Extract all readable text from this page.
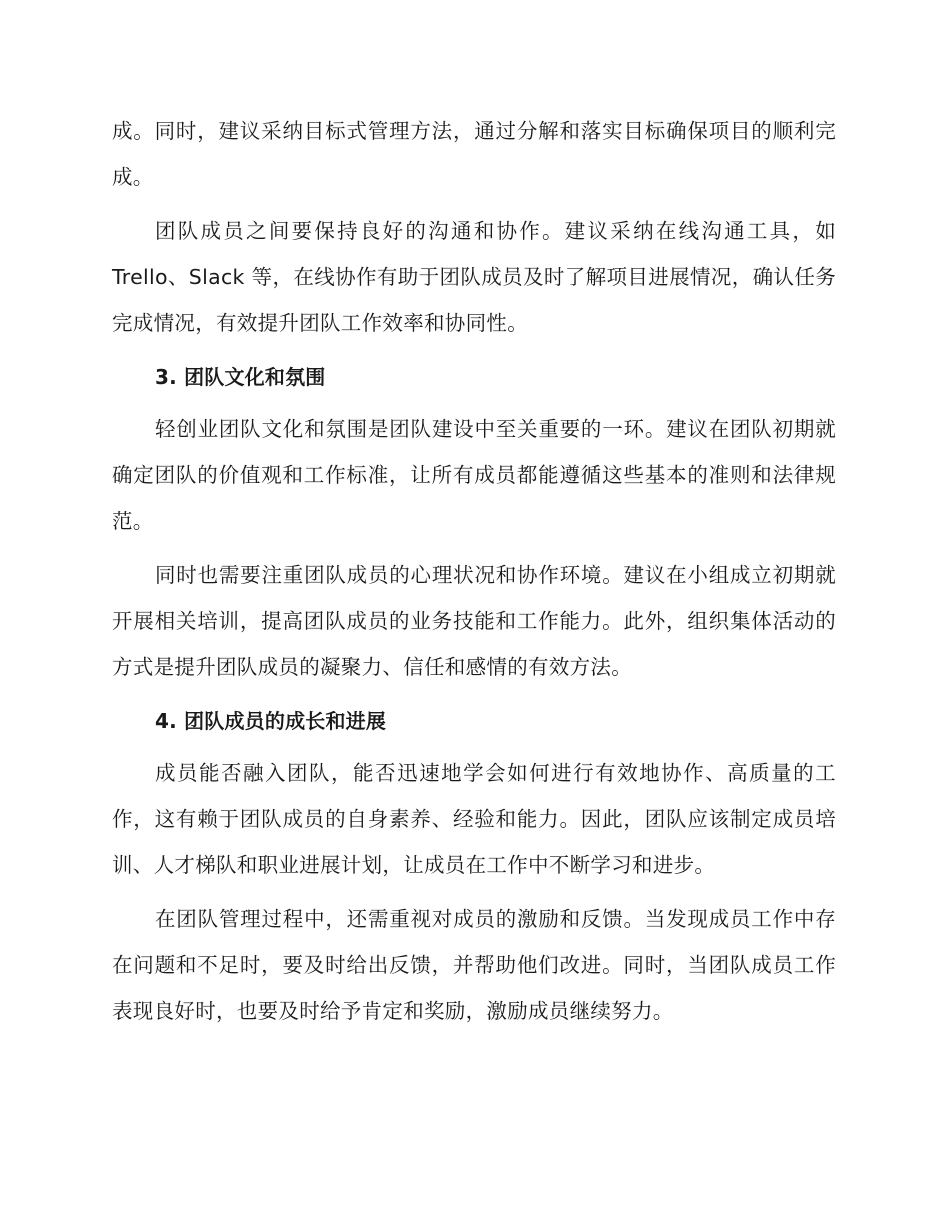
成。同时，建议采纳目标式管理方法，通过分解和落实目标确保项目的顺利完成。

团队成员之间要保持良好的沟通和协作。建议采纳在线沟通工具，如 Trello、Slack 等，在线协作有助于团队成员及时了解项目进展情况，确认任务完成情况，有效提升团队工作效率和协同性。

3. 团队文化和氛围

轻创业团队文化和氛围是团队建设中至关重要的一环。建议在团队初期就确定团队的价值观和工作标准，让所有成员都能遵循这些基本的准则和法律规范。

同时也需要注重团队成员的心理状况和协作环境。建议在小组成立初期就开展相关培训，提高团队成员的业务技能和工作能力。此外，组织集体活动的方式是提升团队成员的凝聚力、信任和感情的有效方法。

4. 团队成员的成长和进展

成员能否融入团队，能否迅速地学会如何进行有效地协作、高质量的工作，这有赖于团队成员的自身素养、经验和能力。因此，团队应该制定成员培训、人才梯队和职业进展计划，让成员在工作中不断学习和进步。

在团队管理过程中，还需重视对成员的激励和反馈。当发现成员工作中存在问题和不足时，要及时给出反馈，并帮助他们改进。同时，当团队成员工作表现良好时，也要及时给予肯定和奖励，激励成员继续努力。
